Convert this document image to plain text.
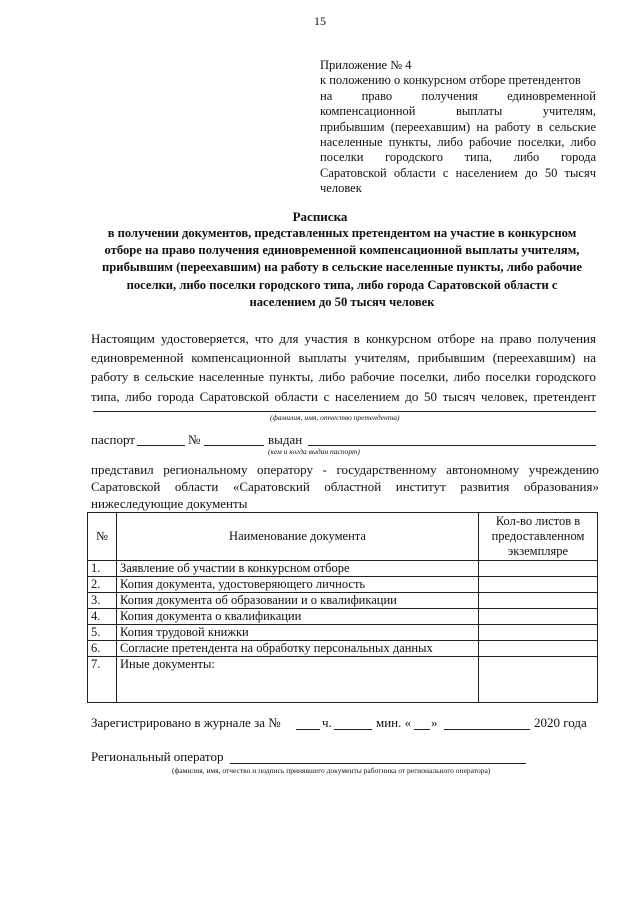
15
Приложение № 4
к положению о конкурсном отборе претендентов
на право получения единовременной
компенсационной выплаты учителям,
прибывшим (переехавшим) на работу в сельские
населенные пункты, либо рабочие поселки, либо
поселки городского типа, либо города
Саратовской области с населением до 50 тысяч
человек
Расписка
в получении документов, представленных претендентом на участие в конкурсном
отборе на право получения единовременной компенсационной выплаты учителям,
прибывшим (переехавшим) на работу в сельские населенные пункты, либо рабочие
поселки, либо поселки городского типа, либо города Саратовской области с
населением до 50 тысяч человек
Настоящим удостоверяется, что для участия в конкурсном отборе на право получения
единовременной компенсационной выплаты учителям, прибывшим (переехавшим) на
работу в сельские населенные пункты, либо рабочие поселки, либо поселки городского
типа, либо города Саратовской области с населением до 50 тысяч человек, претендент
(фамилия, имя, отчество претендента)
паспорт	№	выдан
(кем и когда выдан паспорт)
представил региональному оператору - государственному автономному учреждению
Саратовской области «Саратовский областной институт развития образования»
нижеследующие документы
№	Наименование документа	Кол-во листов в
предоставленном
экземпляре

1.	Заявление об участии в конкурсном отборе	
2.	Копия документа, удостоверяющего личность	
3.	Копия документа об образовании и о квалификации	
4.	Копия документа о квалификации	
5.	Копия трудовой книжки	
6.	Согласие претендента на обработку персональных данных	
7.	Иные документы:	
Зарегистрировано в журнале за №	ч.	мин. « »	2020 года
Региональный оператор
(фамилия, имя, отчество и подпись принявшего документы работника от регионального оператора)
